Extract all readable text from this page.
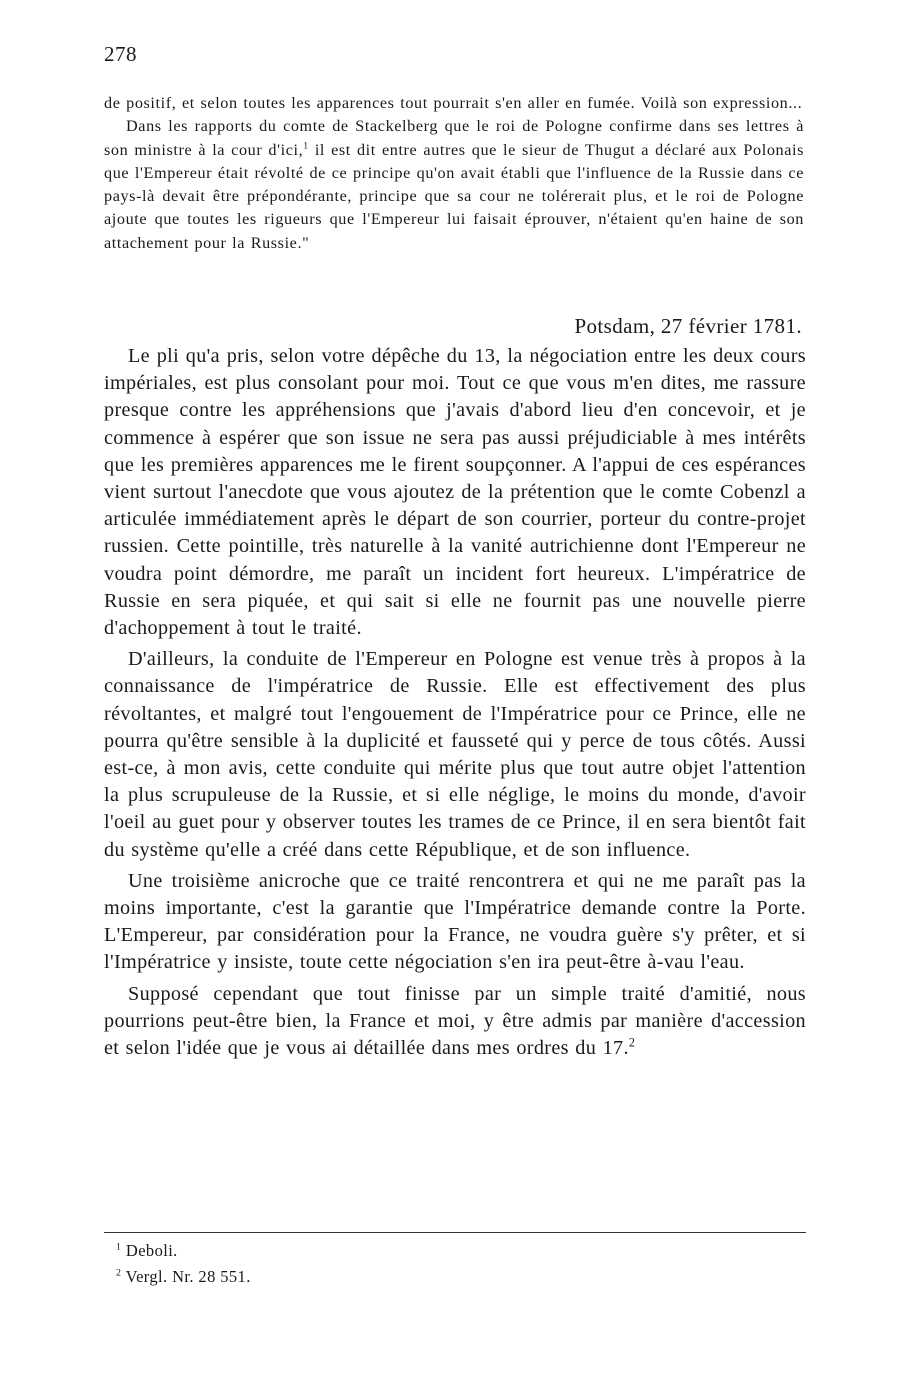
278

de positif, et selon toutes les apparences tout pourrait s'en aller en fumée. Voilà son expression...

Dans les rapports du comte de Stackelberg que le roi de Pologne confirme dans ses lettres à son ministre à la cour d'ici,$^1$ il est dit entre autres que le sieur de Thugut a déclaré aux Polonais que l'Empereur était révolté de ce principe qu'on avait établi que l'influence de la Russie dans ce pays-là devait être prépondérante, principe que sa cour ne tolérerait plus, et le roi de Pologne ajoute que toutes les rigueurs que l'Empereur lui faisait éprouver, n'étaient qu'en haine de son attachement pour la Russie."

Potsdam, 27 février 1781.

Le pli qu'a pris, selon votre dépêche du 13, la négociation entre les deux cours impériales, est plus consolant pour moi. Tout ce que vous m'en dites, me rassure presque contre les appréhensions que j'avais d'abord lieu d'en concevoir, et je commence à espérer que son issue ne sera pas aussi préjudiciable à mes intérêts que les premières apparences me le firent soupçonner. A l'appui de ces espérances vient surtout l'anecdote que vous ajoutez de la prétention que le comte Cobenzl a articulée immédiatement après le départ de son courrier, porteur du contre-projet russien. Cette pointille, très naturelle à la vanité autrichienne dont l'Empereur ne voudra point démordre, me paraît un incident fort heureux. L'impératrice de Russie en sera piquée, et qui sait si elle ne fournit pas une nouvelle pierre d'achoppement à tout le traité.

D'ailleurs, la conduite de l'Empereur en Pologne est venue très à propos à la connaissance de l'impératrice de Russie. Elle est effectivement des plus révoltantes, et malgré tout l'engouement de l'Impératrice pour ce Prince, elle ne pourra qu'être sensible à la duplicité et fausseté qui y perce de tous côtés. Aussi est-ce, à mon avis, cette conduite qui mérite plus que tout autre objet l'attention la plus scrupuleuse de la Russie, et si elle néglige, le moins du monde, d'avoir l'oeil au guet pour y observer toutes les trames de ce Prince, il en sera bientôt fait du système qu'elle a créé dans cette République, et de son influence.

Une troisième anicroche que ce traité rencontrera et qui ne me paraît pas la moins importante, c'est la garantie que l'Impératrice demande contre la Porte. L'Empereur, par considération pour la France, ne voudra guère s'y prêter, et si l'Impératrice y insiste, toute cette négociation s'en ira peut-être à-vau l'eau.

Supposé cependant que tout finisse par un simple traité d'amitié, nous pourrions peut-être bien, la France et moi, y être admis par manière d'accession et selon l'idée que je vous ai détaillée dans mes ordres du 17.$^2$

$^1$ Deboli.
$^2$ Vergl. Nr. 28 551.
